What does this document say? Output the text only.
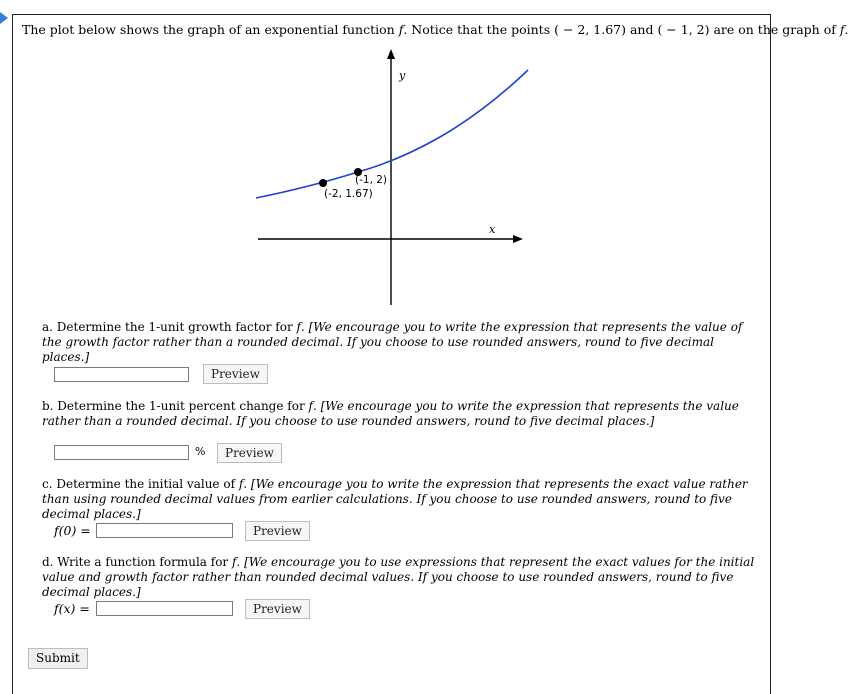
The plot below shows the graph of an exponential function f. Notice that the points ( − 2, 1.67) and ( − 1, 2) are on the graph of f
y
x
(-2, 1.67)
(-1, 2)
a. Determine the 1-unit growth factor for f. [We encourage you to write the expression that represents the value of the growth factor rather than a rounded decimal. If you choose to use rounded answers, round to five decimal places.]
Preview
b. Determine the 1-unit percent change for f. [We encourage you to write the expression that represents the value rather than a rounded decimal. If you choose to use rounded answers, round to five decimal places.]
%	Preview
c. Determine the initial value of f. [We encourage you to write the expression that represents the exact value rather than using rounded decimal values from earlier calculations. If you choose to use rounded answers, round to five decimal places.]
f(0) =	Preview
d. Write a function formula for f. [We encourage you to use expressions that represent the exact values for the initial value and growth factor rather than rounded decimal values. If you choose to use rounded answers, round to five decimal places.]
f(x) =	Preview
Submit
